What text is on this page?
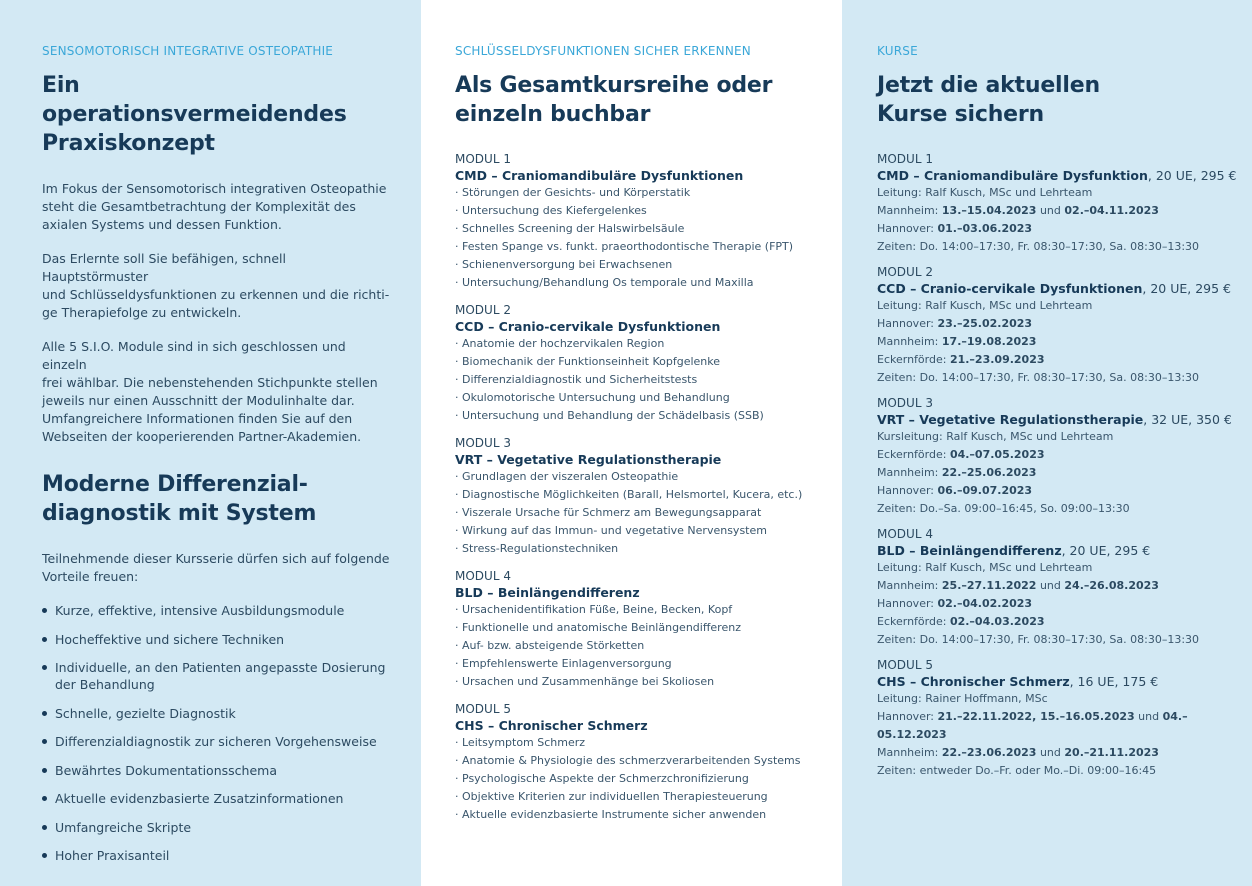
SENSOMOTORISCH INTEGRATIVE OSTEOPATHIE
Ein operationsvermeidendes
Praxiskonzept

Im Fokus der Sensomotorisch integrativen Osteopathie
steht die Gesamtbetrachtung der Komplexität des
axialen Systems und dessen Funktion.

Das Erlernte soll Sie befähigen, schnell Hauptstörmuster
und Schlüsseldysfunktionen zu erkennen und die richti-
ge Therapiefolge zu entwickeln.

Alle 5 S.I.O. Module sind in sich geschlossen und einzeln
frei wählbar. Die nebenstehenden Stichpunkte stellen
jeweils nur einen Ausschnitt der Modulinhalte dar.
Umfangreichere Informationen finden Sie auf den
Webseiten der kooperierenden Partner-Akademien.

Moderne Differenzial-
diagnostik mit System

Teilnehmende dieser Kursserie dürfen sich auf folgende
Vorteile freuen:

Kurze, effektive, intensive Ausbildungsmodule
Hocheffektive und sichere Techniken
Individuelle, an den Patienten angepasste Dosierung
der Behandlung
Schnelle, gezielte Diagnostik
Differenzialdiagnostik zur sicheren Vorgehensweise
Bewährtes Dokumentationsschema
Aktuelle evidenzbasierte Zusatzinformationen
Umfangreiche Skripte
Hoher Praxisanteil
SCHLÜSSELDYSFUNKTIONEN SICHER ERKENNEN
Als Gesamtkursreihe oder
einzeln buchbar
MODUL 1
CMD – Craniomandibuläre Dysfunktionen
· Störungen der Gesichts- und Körperstatik
· Untersuchung des Kiefergelenkes
· Schnelles Screening der Halswirbelsäule
· Festen Spange vs. funkt. praeorthodontische Therapie (FPT)
· Schienenversorgung bei Erwachsenen
· Untersuchung/Behandlung Os temporale und Maxilla
MODUL 2
CCD – Cranio-cervikale Dysfunktionen
· Anatomie der hochzervikalen Region
· Biomechanik der Funktionseinheit Kopfgelenke
· Differenzialdiagnostik und Sicherheitstests
· Okulomotorische Untersuchung und Behandlung
· Untersuchung und Behandlung der Schädelbasis (SSB)
MODUL 3
VRT – Vegetative Regulationstherapie
· Grundlagen der viszeralen Osteopathie
· Diagnostische Möglichkeiten (Barall, Helsmortel, Kucera, etc.)
· Viszerale Ursache für Schmerz am Bewegungsapparat
· Wirkung auf das Immun- und vegetative Nervensystem
· Stress-Regulationstechniken
MODUL 4
BLD – Beinlängendifferenz
· Ursachenidentifikation Füße, Beine, Becken, Kopf
· Funktionelle und anatomische Beinlängendifferenz
· Auf- bzw. absteigende Störketten
· Empfehlenswerte Einlagenversorgung
· Ursachen und Zusammenhänge bei Skoliosen
MODUL 5
CHS – Chronischer Schmerz
· Leitsymptom Schmerz
· Anatomie & Physiologie des schmerzverarbeitenden Systems
· Psychologische Aspekte der Schmerzchronifizierung
· Objektive Kriterien zur individuellen Therapiesteuerung
· Aktuelle evidenzbasierte Instrumente sicher anwenden
KURSE
Jetzt die aktuellen
Kurse sichern
MODUL 1
CMD – Craniomandibuläre Dysfunktion, 20 UE, 295 €
Leitung: Ralf Kusch, MSc und Lehrteam
Mannheim: 13.–15.04.2023 und 02.–04.11.2023
Hannover: 01.–03.06.2023
Zeiten: Do. 14:00–17:30, Fr. 08:30–17:30, Sa. 08:30–13:30
MODUL 2
CCD – Cranio-cervikale Dysfunktionen, 20 UE, 295 €
Leitung: Ralf Kusch, MSc und Lehrteam
Hannover: 23.–25.02.2023
Mannheim: 17.–19.08.2023
Eckernförde: 21.–23.09.2023
Zeiten: Do. 14:00–17:30, Fr. 08:30–17:30, Sa. 08:30–13:30
MODUL 3
VRT – Vegetative Regulationstherapie, 32 UE, 350 €
Kursleitung: Ralf Kusch, MSc und Lehrteam
Eckernförde: 04.–07.05.2023
Mannheim: 22.–25.06.2023
Hannover: 06.–09.07.2023
Zeiten: Do.–Sa. 09:00–16:45, So. 09:00–13:30
MODUL 4
BLD – Beinlängendifferenz, 20 UE, 295 €
Leitung: Ralf Kusch, MSc und Lehrteam
Mannheim: 25.–27.11.2022 und 24.–26.08.2023
Hannover: 02.–04.02.2023
Eckernförde: 02.–04.03.2023
Zeiten: Do. 14:00–17:30, Fr. 08:30–17:30, Sa. 08:30–13:30
MODUL 5
CHS – Chronischer Schmerz, 16 UE, 175 €
Leitung: Rainer Hoffmann, MSc
Hannover: 21.–22.11.2022, 15.–16.05.2023 und 04.–05.12.2023
Mannheim: 22.–23.06.2023 und 20.–21.11.2023
Zeiten: entweder Do.–Fr. oder Mo.–Di. 09:00–16:45
